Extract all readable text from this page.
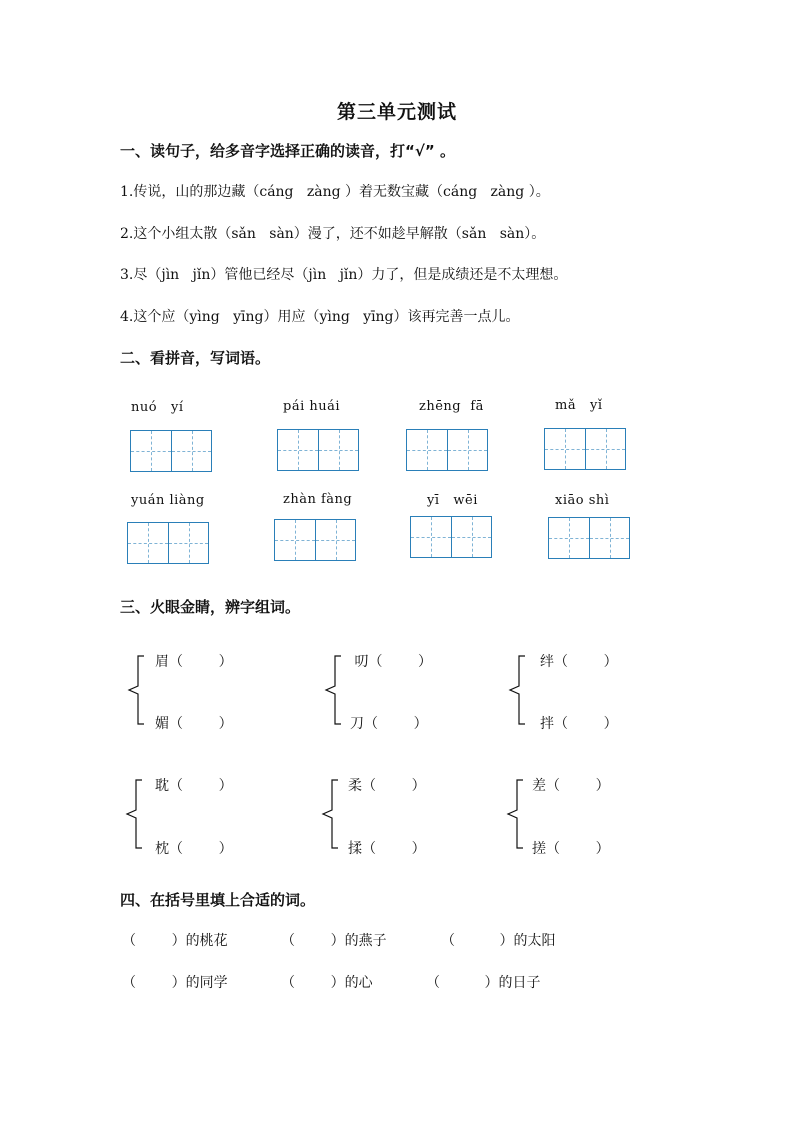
第三单元测试
一、读句子，给多音字选择正确的读音，打“√” 。
1.传说，山的那边藏（cáng   zàng ）着无数宝藏（cáng   zàng ）。
2.这个小组太散（sǎn   sàn）漫了，还不如趁早解散（sǎn   sàn）。
3.尽（jìn   jǐn）管他已经尽（jìn   jǐn）力了，但是成绩还是不太理想。
4.这个应（yìng   yīng）用应（yìng   yīng）该再完善一点儿。
二、看拼音，写词语。
nuó   yí	pái huái	zhēng  fā	mǎ   yǐ
yuán liàng	zhàn fàng	yī   wēi	xiāo shì
三、火眼金睛，辨字组词。
眉（        ）
媚（        ）
叨（        ）
刀（        ）
绊（        ）
拌（        ）
耽（        ）
枕（        ）
柔（        ）
揉（        ）
差（        ）
搓（        ）
四、在括号里填上合适的词。
（        ）的桃花	（        ）的燕子	（          ）的太阳
（        ）的同学	（        ）的心	（          ）的日子
